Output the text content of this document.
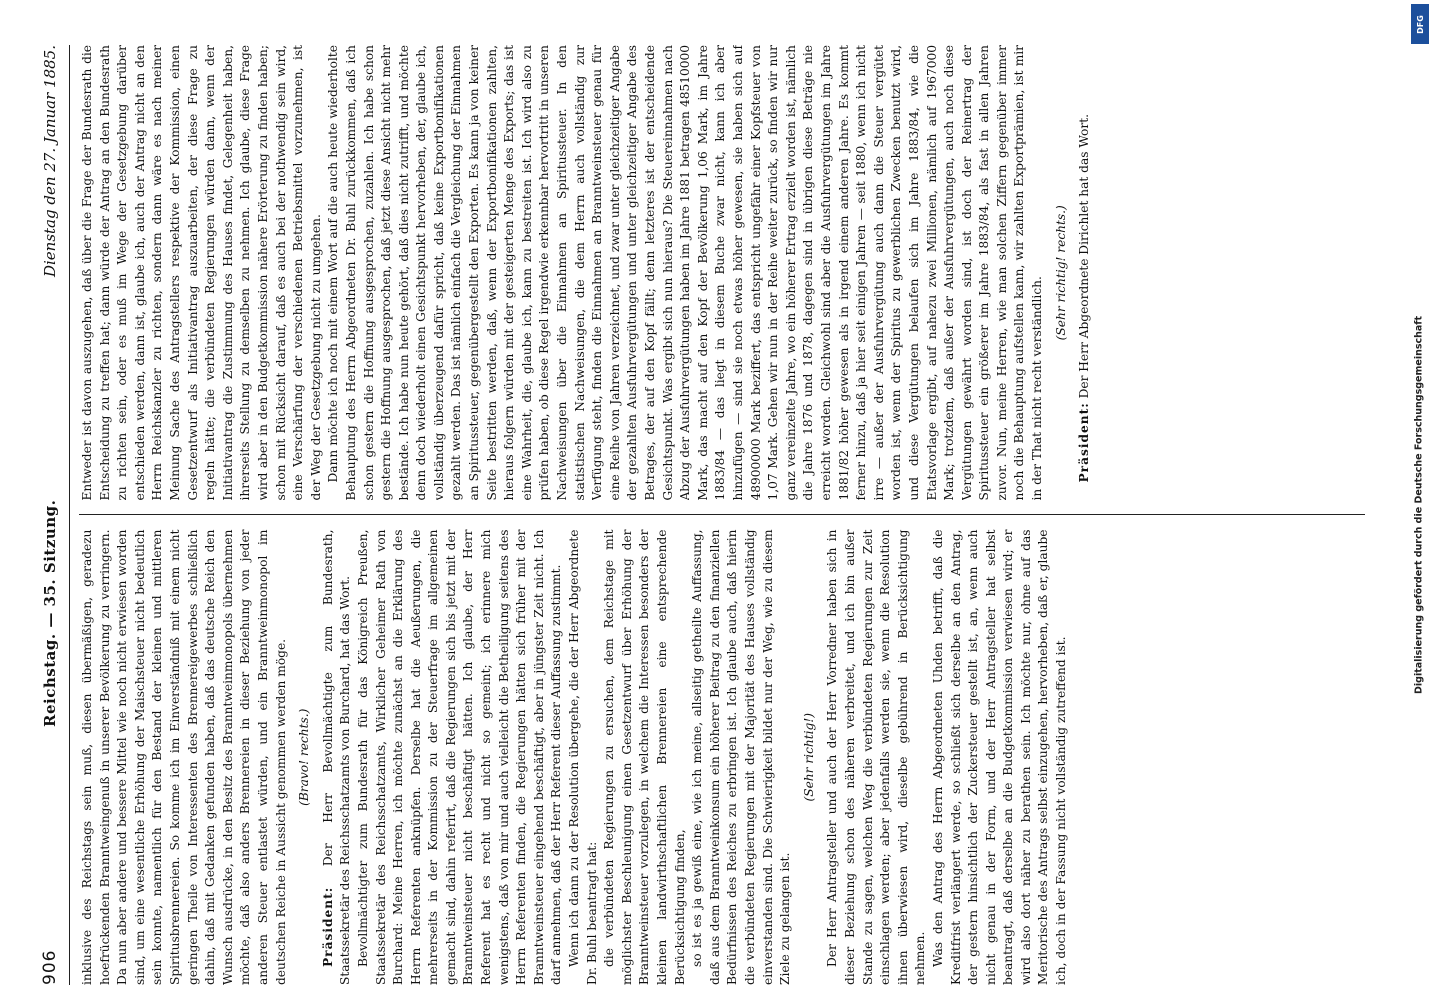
906
Reichstag. — 35. Sitzung.
Dienstag den 27. Januar 1885.

inklusive des Reichstags sein muß, diesen übermäßigen, geradezu hoefrückenden Branntweingenuß in unserer Bevölkerung zu verringern. Da nun aber andere und bessere Mittel wie noch nicht erwiesen worden sind, um eine wesentliche Erhöhung der Maischsteuer nicht bedeutlich sein konnte, namentlich für den Bestand der kleinen und mittleren Spiritusbrennereien. So komme ich im Einverständniß mit einem nicht geringen Theile von Interessenten des Brennereigewerbes schließlich dahin, daß mit Gedanken gefunden haben, daß das deutsche Reich den Wunsch ausdrücke, in den Besitz des Branntweinmonopols übernehmen möchte, daß also anders Brennereien in dieser Beziehung von jeder anderen Steuer entlastet würden, und ein Branntweinmonopol im deutschen Reiche in Aussicht genommen werden möge. (Bravo! rechts.)

Präsident: Der Herr Bevollmächtigte zum Bundesrath, Staatssekretär des Reichsschatzamts von Burchard, hat das Wort. Bevollmächtigter zum Bundesrath für das Königreich Preußen, Staatssekretär des Reichsschatzamts, Wirklicher Geheimer Rath von Burchard: Meine Herren, ich möchte zunächst an die Erklärung des Herrn Referenten anknüpfen. Derselbe hat die Aeußerungen, die mehrerseits in der Kommission zu der Steuerfrage im allgemeinen gemacht sind, dahin referirt, daß die Regierungen sich bis jetzt mit der Branntweinsteuer nicht beschäftigt hätten. Ich glaube, der Herr Referent hat es recht und nicht so gemeint; ich erinnere mich wenigstens, daß von mir und auch vielleicht die Betheiligung seitens des Herrn Referenten finden, die Regierungen hätten sich früher mit der Branntweinsteuer eingehend beschäftigt, aber in jüngster Zeit nicht. Ich darf annehmen, daß der Herr Referent dieser Auffassung zustimmt. Wenn ich dann zu der Resolution übergehe, die der Herr Abgeordnete Dr. Buhl beantragt hat: die verbündeten Regierungen zu ersuchen, dem Reichstage mit möglichster Beschleunigung einen Gesetzentwurf über Erhöhung der Branntweinsteuer vorzulegen, in welchem die Interessen besonders der kleinen landwirthschaftlichen Brennereien eine entsprechende Berücksichtigung finden, so ist es ja gewiß eine, wie ich meine, allseitig getheilte Auffassung, daß aus dem Branntweinkonsum ein höherer Beitrag zu den finanziellen Bedürfnissen des Reiches zu erbringen ist. Ich glaube auch, daß hierin die verbündeten Regierungen mit der Majorität des Hauses vollständig einverstanden sind. Die Schwierigkeit bildet nur der Weg, wie zu diesem Ziele zu gelangen ist.

(Sehr richtig!) Der Herr Antragsteller und auch der Herr Vorredner haben sich in dieser Beziehung schon des näheren verbreitet, und ich bin außer Stande zu sagen, welchen Weg die verbündeten Regierungen zur Zeit einschlagen werden; aber jedenfalls werden sie, wenn die Resolution ihnen überwiesen wird, dieselbe gebührend in Berücksichtigung nehmen. Was den Antrag des Herrn Abgeordneten Uhden betrifft, daß die Kreditfrist verlängert werde, so schließt sich derselbe an den Antrag, der gestern hinsichtlich der Zuckersteuer gestellt ist, an, wenn auch nicht genau in der Form, und der Herr Antragsteller hat selbst beantragt, daß derselbe an die Budgetkommission verwiesen wird; er wird also dort näher zu berathen sein. Ich möchte nur, ohne auf das Meritorische des Antrags selbst einzugehen, hervorheben, daß er, glaube ich, doch in der Fassung nicht vollständig zutreffend ist.

Entweder ist davon auszugehen, daß über die Frage der Bundesrath die Entscheidung zu treffen hat; dann würde der Antrag an den Bundesrath zu richten sein, oder es muß im Wege der Gesetzgebung darüber entschieden werden, dann ist, glaube ich, auch der Antrag nicht an den Herrn Reichskanzler zu richten, sondern dann wäre es nach meiner Meinung Sache des Antragstellers respektive der Kommission, einen Gesetzentwurf als Initiativantrag auszuarbeiten, der diese Frage zu regeln hätte; die verbündeten Regierungen würden dann, wenn der Initiativantrag die Zustimmung des Hauses findet, Gelegenheit haben, ihrerseits Stellung zu demselben zu nehmen. Ich glaube, diese Frage wird aber in den Budgetkommission nähere Erörterung zu finden haben; schon mit Rücksicht darauf, daß es auch bei der nothwendig sein wird, eine Verschärfung der verschiedenen Betriebsmittel vorzunehmen, ist der Weg der Gesetzgebung nicht zu umgehen. Dann möchte ich noch mit einem Wort auf die auch heute wiederholte Behauptung des Herrn Abgeordneten Dr. Buhl zurückkommen, daß ich schon gestern die Hoffnung ausgesprochen, zuzahlen. Ich habe schon gestern die Hoffnung ausgesprochen, daß jetzt diese Ansicht nicht mehr bestände. Ich habe nun heute gehört, daß dies nicht zutrifft, und möchte denn doch wiederholt einen Gesichtspunkt hervorheben, der, glaube ich, vollständig überzeugend dafür spricht, daß keine Exportbonifikationen gezahlt werden. Das ist nämlich einfach die Vergleichung der Einnahmen an Spiritussteuer, gegenübergestellt den Exporten. Es kann ja von keiner Seite bestritten werden, daß, wenn der Exportbonifikationen zahlten, hieraus folgern würden mit der gesteigerten Menge des Exports; das ist eine Wahrheit, die, glaube ich, kann zu bestreiten ist. Ich wird also zu prüfen haben, ob diese Regel irgendwie erkennbar hervortritt in unseren Nachweisungen über die Einnahmen an Spiritussteuer. In den statistischen Nachweisungen, die dem Herrn auch vollständig zur Verfügung steht, finden die Einnahmen an Branntweinsteuer genau für eine Reihe von Jahren verzeichnet, und zwar unter gleichzeitiger Angabe der gezahlten Ausfuhrvergütungen und unter gleichzeitiger Angabe des Betrages, der auf den Kopf fällt; denn letzteres ist der entscheidende Gesichtspunkt. Was ergibt sich nun hieraus? Die Steuereinnahmen nach Abzug der Ausfuhrvergütungen haben im Jahre 1881 betragen 48510000 Mark, das macht auf den Kopf der Bevölkerung 1,06 Mark, im Jahre 1883/84 — das liegt in diesem Buche zwar nicht, kann ich aber hinzufügen — sind sie noch etwas höher gewesen, sie haben sich auf 48900000 Mark beziffert, das entspricht ungefähr einer Kopfsteuer von 1,07 Mark. Gehen wir nun in der Reihe weiter zurück, so finden wir nur ganz vereinzelte Jahre, wo ein höherer Ertrag erzielt worden ist, nämlich die Jahre 1876 und 1878, dagegen sind in übrigen diese Beträge nie erreicht worden. Gleichwohl sind aber die Ausfuhrvergütungen im Jahre 1881/82 höher gewesen als in irgend einem anderen Jahre. Es kommt ferner hinzu, daß ja hier seit einigen Jahren — seit 1880, wenn ich nicht irre — außer der Ausfuhrvergütung auch dann die Steuer vergütet worden ist, wenn der Spiritus zu gewerblichen Zwecken benutzt wird, und diese Vergütungen belaufen sich im Jahre 1883/84, wie die Etatsvorlage ergibt, auf nahezu zwei Millionen, nämlich auf 1967000 Mark; trotzdem, daß außer der Ausfuhrvergütungen, auch noch diese Vergütungen gewährt worden sind, ist doch der Reinertrag der Spiritussteuer ein größerer im Jahre 1883/84, als fast in allen Jahren zuvor. Nun, meine Herren, wie man solchen Ziffern gegenüber immer noch die Behauptung aufstellen kann, wir zahlten Exportprämien, ist mir in der That nicht recht verständlich.

(Sehr richtig! rechts.)

Präsident: Der Herr Abgeordnete Dirichlet hat das Wort.

DFG
Digitalisierung gefördert durch die Deutsche Forschungsgemeinschaft
